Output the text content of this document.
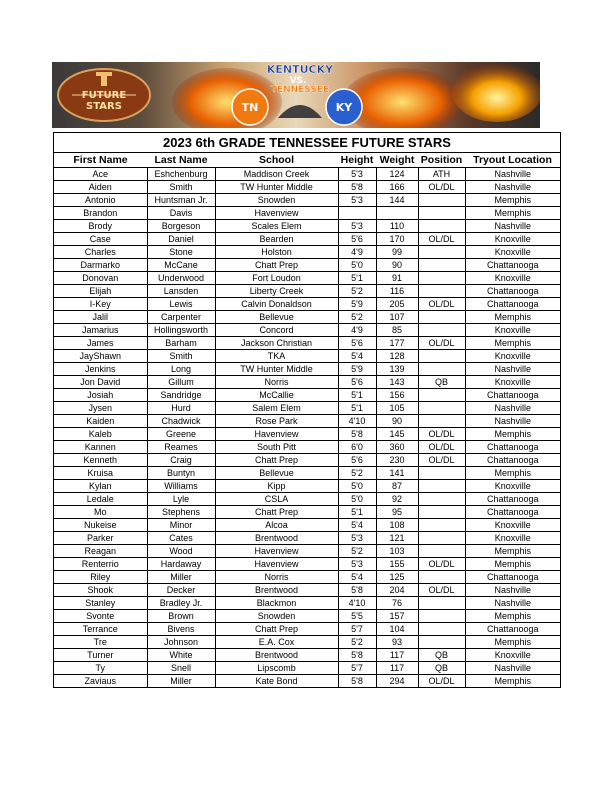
FUTURE
STARS
KENTUCKY
VS.
TENNESSEE
TN	KY
2023 6th GRADE TENNESSEE FUTURE STARS
First Name	Last Name	School	Height	Weight	Position	Tryout Location
Ace	Eshchenburg	Maddison Creek	5'3	124	ATH	Nashville
Aiden	Smith	TW Hunter Middle	5'8	166	OL/DL	Nashville
Antonio	Huntsman Jr.	Snowden	5'3	144		Memphis
Brandon	Davis	Havenview				Memphis
Brody	Borgeson	Scales Elem	5'3	110		Nashville
Case	Daniel	Bearden	5'6	170	OL/DL	Knoxville
Charles	Stone	Holston	4'9	99		Knoxville
Darmarko	McCane	Chatt Prep	5'0	90		Chattanooga
Donovan	Underwood	Fort Loudon	5'1	91		Knoxville
Elijah	Lansden	Liberty Creek	5'2	116		Chattanooga
I-Key	Lewis	Calvin Donaldson	5'9	205	OL/DL	Chattanooga
Jalil	Carpenter	Bellevue	5'2	107		Memphis
Jamarius	Hollingsworth	Concord	4'9	85		Knoxville
James	Barham	Jackson Christian	5'6	177	OL/DL	Memphis
JayShawn	Smith	TKA	5'4	128		Knoxville
Jenkins	Long	TW Hunter Middle	5'9	139		Nashville
Jon David	Gillum	Norris	5'6	143	QB	Knoxville
Josiah	Sandridge	McCallie	5'1	156		Chattanooga
Jysen	Hurd	Salem Elem	5'1	105		Nashville
Kaiden	Chadwick	Rose Park	4'10	90		Nashville
Kaleb	Greene	Havenview	5'8	145	OL/DL	Memphis
Kannen	Reames	South Pitt	6'0	360	OL/DL	Chattanooga
Kenneth	Craig	Chatt Prep	5'6	230	OL/DL	Chattanooga
Kruisa	Buntyn	Bellevue	5'2	141		Memphis
Kylan	Williams	Kipp	5'0	87		Knoxville
Ledale	Lyle	CSLA	5'0	92		Chattanooga
Mo	Stephens	Chatt Prep	5'1	95		Chattanooga
Nukeise	Minor	Alcoa	5'4	108		Knoxville
Parker	Cates	Brentwood	5'3	121		Knoxville
Reagan	Wood	Havenview	5'2	103		Memphis
Renterrio	Hardaway	Havenview	5'3	155	OL/DL	Memphis
Riley	Miller	Norris	5'4	125		Chattanooga
Shook	Decker	Brentwood	5'8	204	OL/DL	Nashville
Stanley	Bradley Jr.	Blackmon	4'10	76		Nashville
Svonte	Brown	Snowden	5'5	157		Memphis
Terrance	Bivens	Chatt Prep	5'7	104		Chattanooga
Tre	Johnson	E.A. Cox	5'2	93		Memphis
Turner	White	Brentwood	5'8	117	QB	Knoxville
Ty	Snell	Lipscomb	5'7	117	QB	Nashville
Zaviaus	Miller	Kate Bond	5'8	294	OL/DL	Memphis
